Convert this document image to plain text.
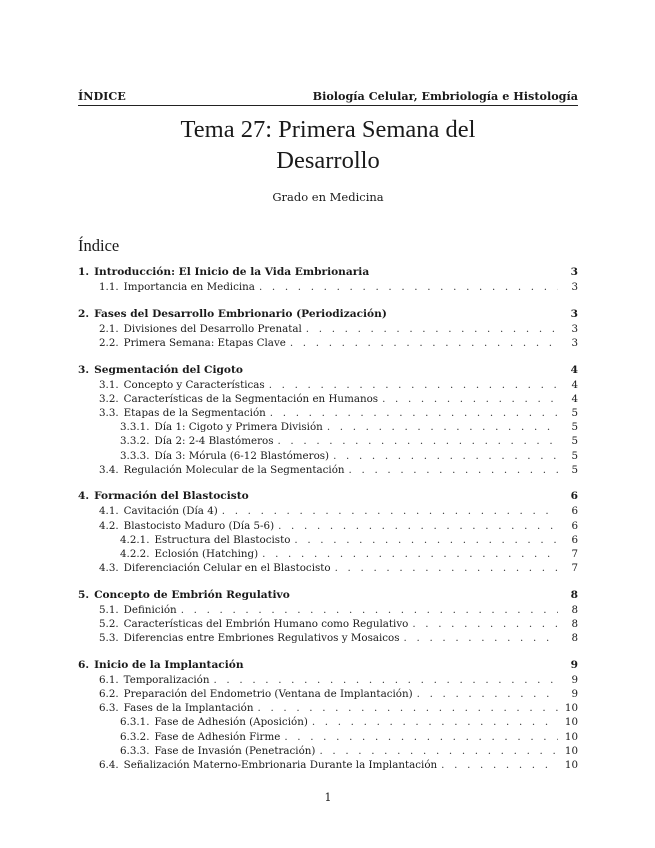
ÍNDICE	Biología Celular, Embriología e Histología
Tema 27: Primera Semana del
Desarrollo
Grado en Medicina
Índice
1. Introducción: El Inicio de la Vida Embrionaria	3
1.1. Importancia en Medicina . . .	3
2. Fases del Desarrollo Embrionario (Periodización)	3
2.1. Divisiones del Desarrollo Prenatal . . .	3
2.2. Primera Semana: Etapas Clave . . .	3
3. Segmentación del Cigoto	4
3.1. Concepto y Características . . .	4
3.2. Características de la Segmentación en Humanos . . .	4
3.3. Etapas de la Segmentación . . .	5
3.3.1. Día 1: Cigoto y Primera División . . .	5
3.3.2. Día 2: 2-4 Blastómeros . . .	5
3.3.3. Día 3: Mórula (6-12 Blastómeros) . . .	5
3.4. Regulación Molecular de la Segmentación . . .	5
4. Formación del Blastocisto	6
4.1. Cavitación (Día 4) . . .	6
4.2. Blastocisto Maduro (Día 5-6) . . .	6
4.2.1. Estructura del Blastocisto . . .	6
4.2.2. Eclosión (Hatching) . . .	7
4.3. Diferenciación Celular en el Blastocisto . . .	7
5. Concepto de Embrión Regulativo	8
5.1. Definición . . .	8
5.2. Características del Embrión Humano como Regulativo . . .	8
5.3. Diferencias entre Embriones Regulativos y Mosaicos . . .	8
6. Inicio de la Implantación	9
6.1. Temporalización . . .	9
6.2. Preparación del Endometrio (Ventana de Implantación) . . .	9
6.3. Fases de la Implantación . . .	10
6.3.1. Fase de Adhesión (Aposición) . . .	10
6.3.2. Fase de Adhesión Firme . . .	10
6.3.3. Fase de Invasión (Penetración) . . .	10
6.4. Señalización Materno-Embrionaria Durante la Implantación . . .	10
1
